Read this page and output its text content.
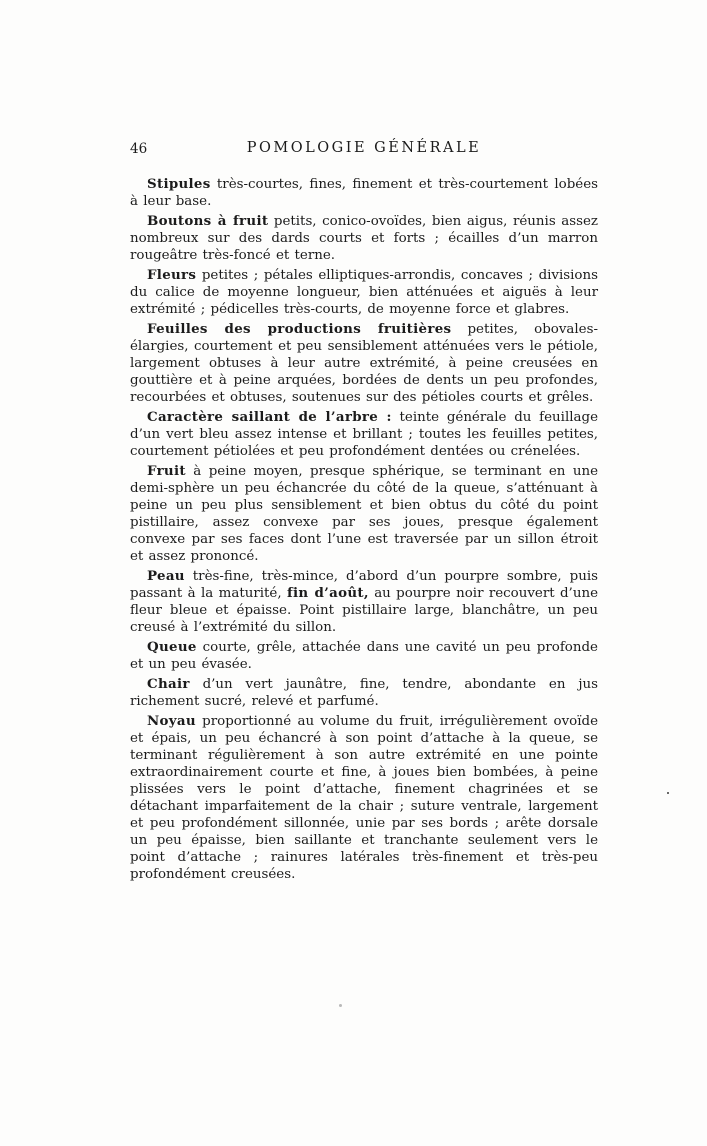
46	POMOLOGIE GÉNÉRALE

Stipules très-courtes, fines, finement et très-courtement lobées à leur base.

Boutons à fruit petits, conico-ovoïdes, bien aigus, réunis assez nombreux sur des dards courts et forts ; écailles d’un marron rougeâtre très-foncé et terne.

Fleurs petites ; pétales elliptiques-arrondis, concaves ; divisions du calice de moyenne longueur, bien atténuées et aiguës à leur extrémité ; pédicelles très-courts, de moyenne force et glabres.

Feuilles des productions fruitières petites, obovales-élargies, courtement et peu sensiblement atténuées vers le pétiole, largement obtuses à leur autre extrémité, à peine creusées en gouttière et à peine arquées, bordées de dents un peu profondes, recourbées et obtuses, soutenues sur des pétioles courts et grêles.

Caractère saillant de l’arbre : teinte générale du feuillage d’un vert bleu assez intense et brillant ; toutes les feuilles petites, courtement pétiolées et peu profondément dentées ou crénelées.

Fruit à peine moyen, presque sphérique, se terminant en une demi-sphère un peu échancrée du côté de la queue, s’atténuant à peine un peu plus sensiblement et bien obtus du côté du point pistillaire, assez convexe par ses joues, presque également convexe par ses faces dont l’une est traversée par un sillon étroit et assez prononcé.

Peau très-fine, très-mince, d’abord d’un pourpre sombre, puis passant à la maturité, fin d’août, au pourpre noir recouvert d’une fleur bleue et épaisse. Point pistillaire large, blanchâtre, un peu creusé à l’extrémité du sillon.

Queue courte, grêle, attachée dans une cavité un peu profonde et un peu évasée.

Chair d’un vert jaunâtre, fine, tendre, abondante en jus richement sucré, relevé et parfumé.

Noyau proportionné au volume du fruit, irrégulièrement ovoïde et épais, un peu échancré à son point d’attache à la queue, se terminant régulièrement à son autre extrémité en une pointe extraordinairement courte et fine, à joues bien bombées, à peine plissées vers le point d’attache, finement chagrinées et se détachant imparfaitement de la chair ; suture ventrale, largement et peu profondément sillonnée, unie par ses bords ; arête dorsale un peu épaisse, bien saillante et tranchante seulement vers le point d’attache ; rainures latérales très-finement et très-peu profondément creusées.
